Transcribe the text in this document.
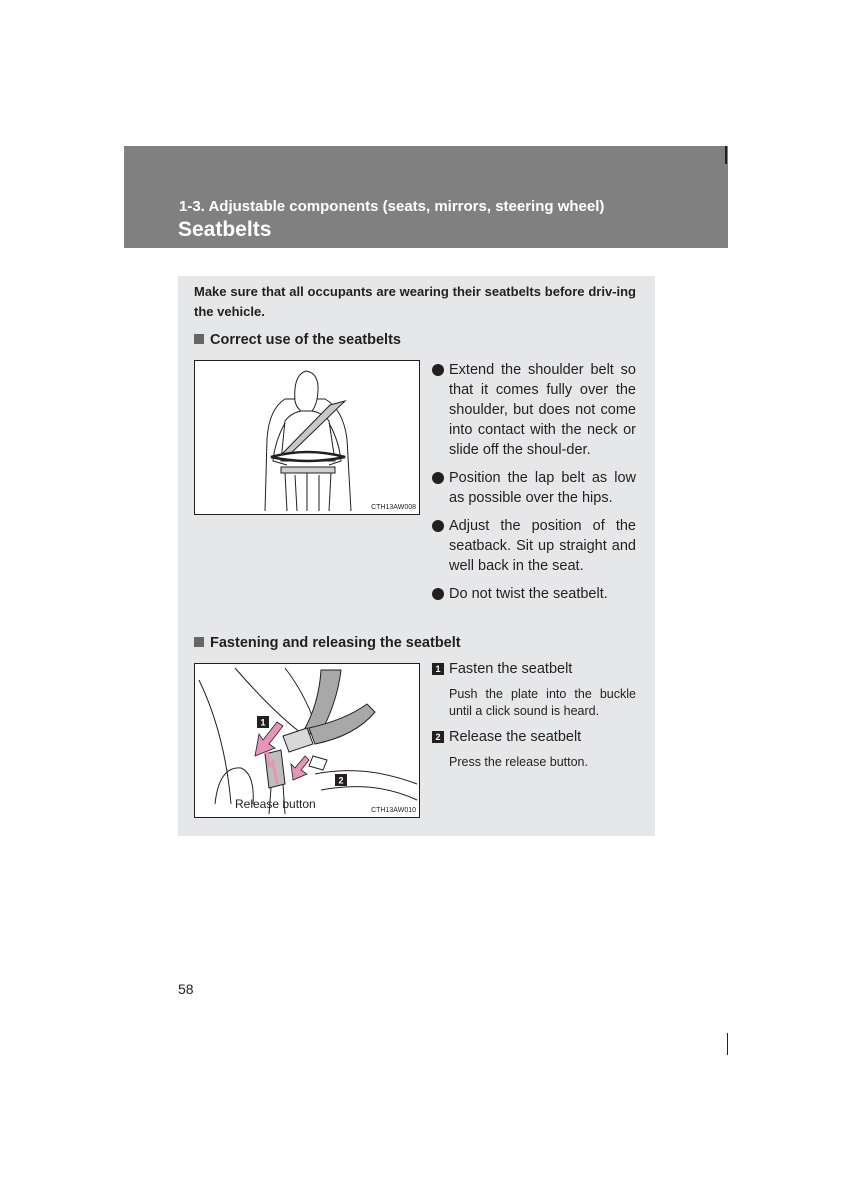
1-3. Adjustable components (seats, mirrors, steering wheel)
Seatbelts
Make sure that all occupants are wearing their seatbelts before driv-ing the vehicle.
Correct use of the seatbelts
CTH13AW008
Extend the shoulder belt so that it comes fully over the shoulder, but does not come into contact with the neck or slide off the shoul-der.
Position the lap belt as low as possible over the hips.
Adjust the position of the seatback. Sit up straight and well back in the seat.
Do not twist the seatbelt.
Fastening and releasing the seatbelt
1
2
Release button	CTH13AW010
1 Fasten the seatbelt
Push the plate into the buckle until a click sound is heard.
2 Release the seatbelt
Press the release button.
58
